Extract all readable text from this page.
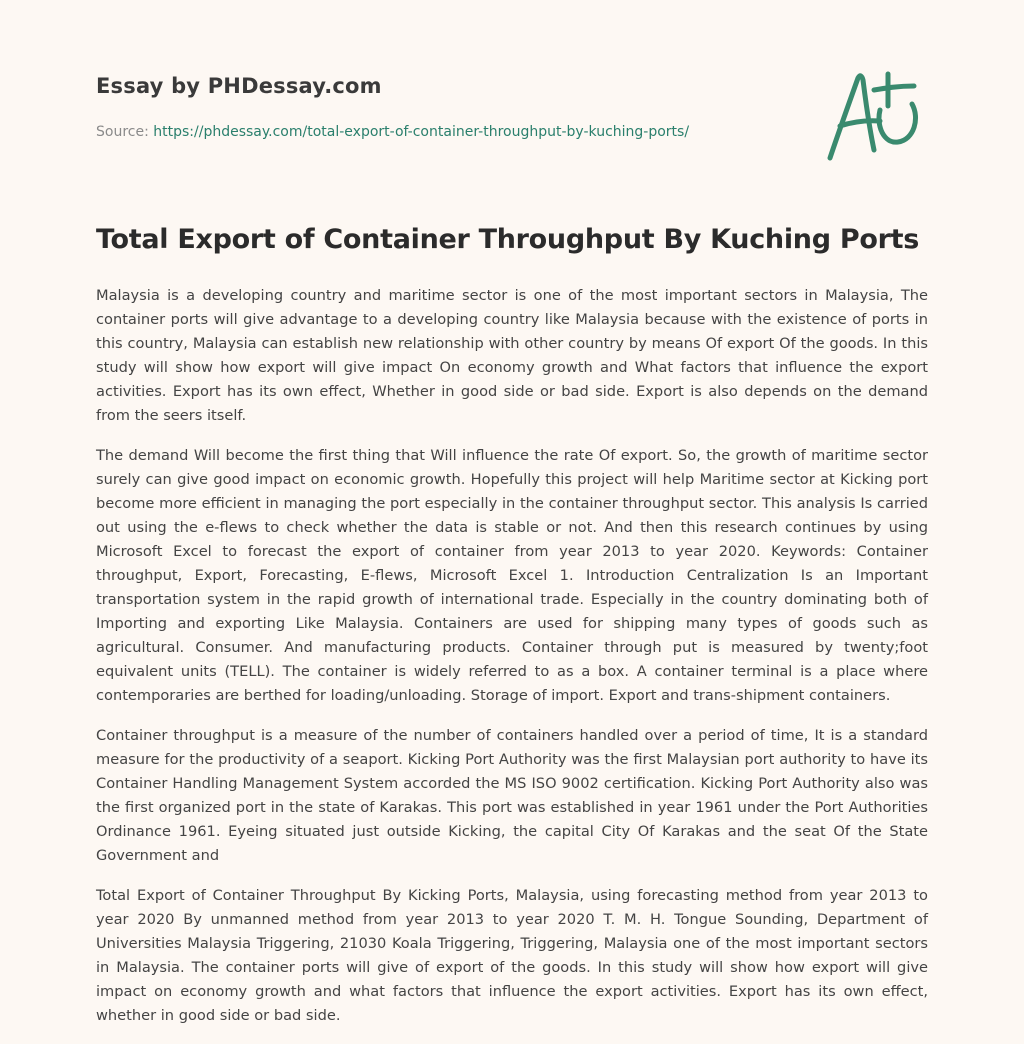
Essay by PHDessay.com
Source: https://phdessay.com/total-export-of-container-throughput-by-kuching-ports/
Total Export of Container Throughput By Kuching Ports

Malaysia is a developing country and maritime sector is one of the most important sectors in Malaysia, The container ports will give advantage to a developing country like Malaysia because with the existence of ports in this country, Malaysia can establish new relationship with other country by means Of export Of the goods. In this study will show how export will give impact On economy growth and What factors that influence the export activities. Export has its own effect, Whether in good side or bad side. Export is also depends on the demand from the seers itself.

The demand Will become the first thing that Will influence the rate Of export. So, the growth of maritime sector surely can give good impact on economic growth. Hopefully this project will help Maritime sector at Kicking port become more efficient in managing the port especially in the container throughput sector. This analysis Is carried out using the e-flews to check whether the data is stable or not. And then this research continues by using Microsoft Excel to forecast the export of container from year 2013 to year 2020. Keywords: Container throughput, Export, Forecasting, E-flews, Microsoft Excel 1. Introduction Centralization Is an Important transportation system in the rapid growth of international trade. Especially in the country dominating both of Importing and exporting Like Malaysia. Containers are used for shipping many types of goods such as agricultural. Consumer. And manufacturing products. Container through put is measured by twenty;foot equivalent units (TELL). The container is widely referred to as a box. A container terminal is a place where contemporaries are berthed for loading/unloading. Storage of import. Export and trans-shipment containers.

Container throughput is a measure of the number of containers handled over a period of time, It is a standard measure for the productivity of a seaport. Kicking Port Authority was the first Malaysian port authority to have its Container Handling Management System accorded the MS ISO 9002 certification. Kicking Port Authority also was the first organized port in the state of Karakas. This port was established in year 1961 under the Port Authorities Ordinance 1961. Eyeing situated just outside Kicking, the capital City Of Karakas and the seat Of the State Government and

Total Export of Container Throughput By Kicking Ports, Malaysia, using forecasting method from year 2013 to year 2020 By unmanned method from year 2013 to year 2020 T. M. H. Tongue Sounding, Department of Universities Malaysia Triggering, 21030 Koala Triggering, Triggering, Malaysia one of the most important sectors in Malaysia. The container ports will give of export of the goods. In this study will show how export will give impact on economy growth and what factors that influence the export activities. Export has its own effect, whether in good side or bad side.
